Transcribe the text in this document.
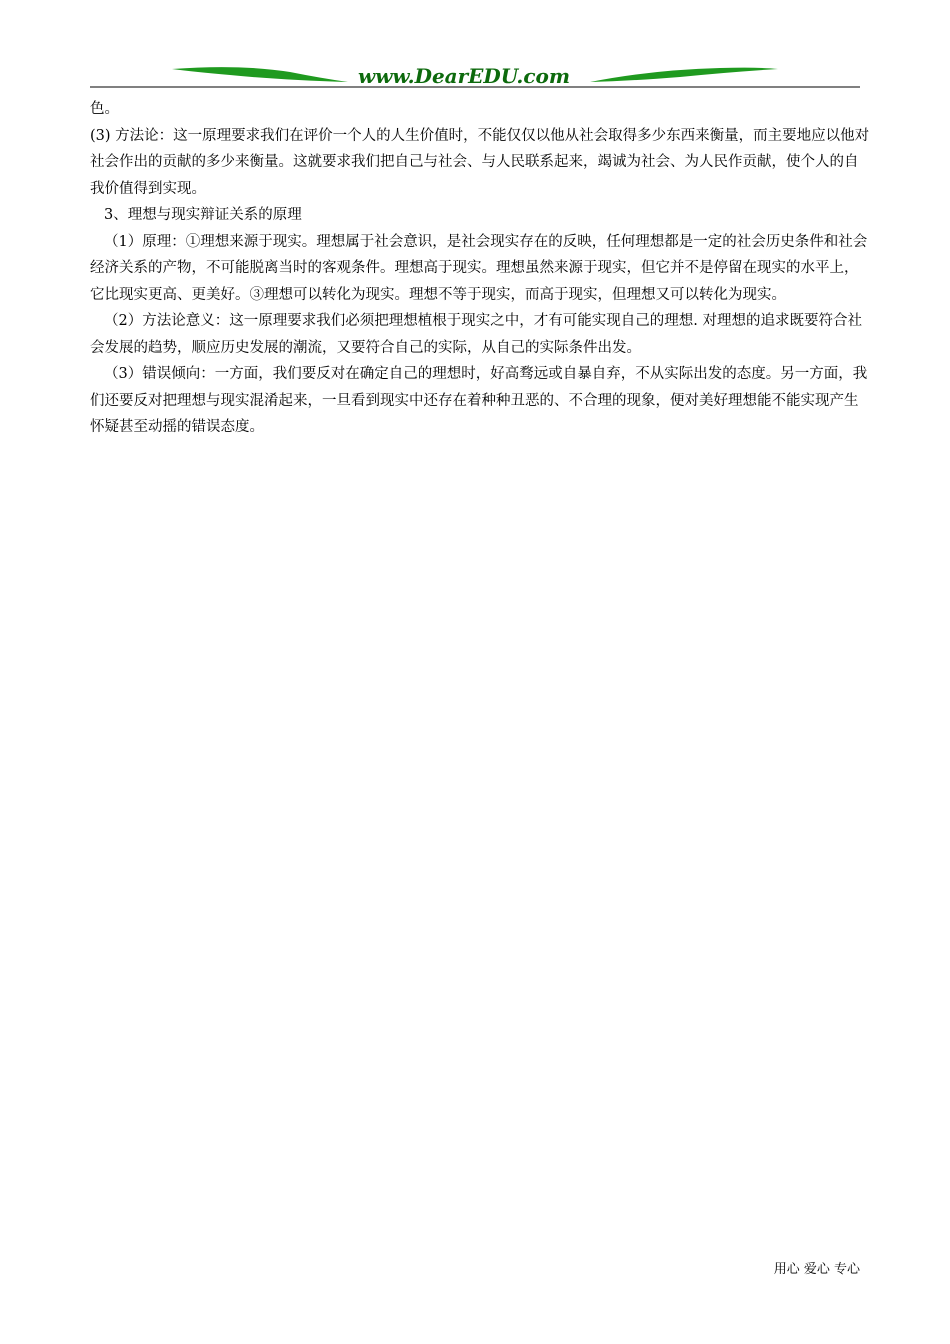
www.DearEDU.com

色。

(3) 方法论：这一原理要求我们在评价一个人的人生价值时，不能仅仅以他从社会取得多少东西来衡量，而主要地应以他对社会作出的贡献的多少来衡量。这就要求我们把自己与社会、与人民联系起来，竭诚为社会、为人民作贡献，使个人的自我价值得到实现。

3、理想与现实辩证关系的原理

（1）原理：①理想来源于现实。理想属于社会意识，是社会现实存在的反映，任何理想都是一定的社会历史条件和社会经济关系的产物，不可能脱离当时的客观条件。理想高于现实。理想虽然来源于现实，但它并不是停留在现实的水平上，它比现实更高、更美好。③理想可以转化为现实。理想不等于现实，而高于现实，但理想又可以转化为现实。

（2）方法论意义：这一原理要求我们必须把理想植根于现实之中，才有可能实现自己的理想. 对理想的追求既要符合社会发展的趋势，顺应历史发展的潮流，又要符合自己的实际，从自己的实际条件出发。

（3）错误倾向：一方面，我们要反对在确定自己的理想时，好高骛远或自暴自弃，不从实际出发的态度。另一方面，我们还要反对把理想与现实混淆起来，一旦看到现实中还存在着种种丑恶的、不合理的现象，便对美好理想能不能实现产生怀疑甚至动摇的错误态度。

用心 爱心 专心
